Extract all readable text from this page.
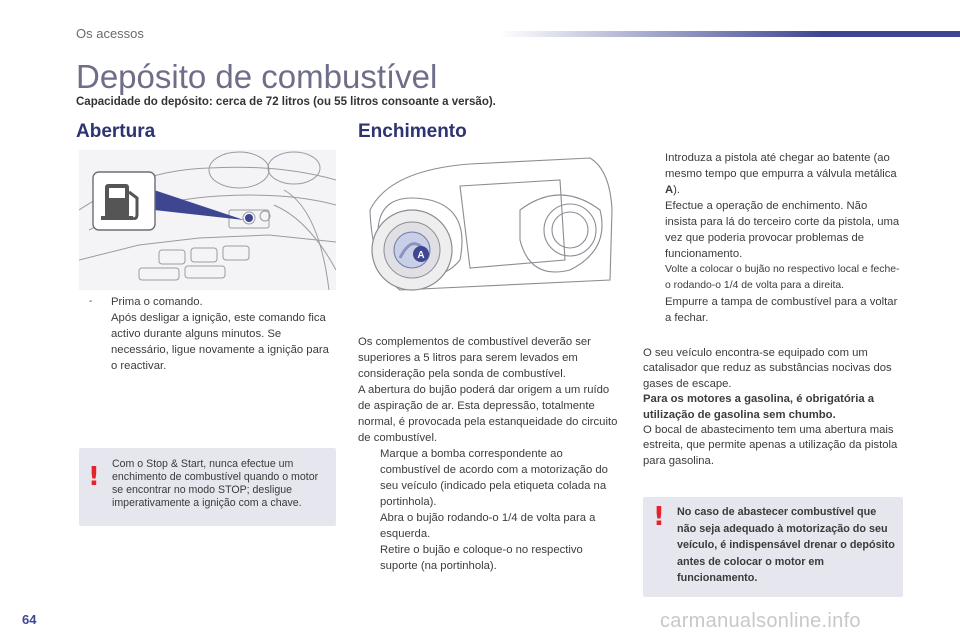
Os acessos
Depósito de combustível
Capacidade do depósito: cerca de 72 litros (ou 55 litros consoante a versão).
Abertura
-	Prima o comando.

Após desligar a ignição, este comando fica activo durante alguns minutos. Se necessário, ligue novamente a ignição para o reactivar.

! Com o Stop & Start, nunca efectue um enchimento de combustível quando o motor se encontrar no modo STOP; desligue imperativamente a ignição com a chave.
Enchimento
A

Os complementos de combustível deverão ser superiores a 5 litros para serem levados em consideração pela sonda de combustível.

A abertura do bujão poderá dar origem a um ruído de aspiração de ar. Esta depressão, totalmente normal, é provocada pela estanqueidade do circuito de combustível.

Marque a bomba correspondente ao combustível de acordo com a motorização do seu veículo (indicado pela etiqueta colada na portinhola).
Abra o bujão rodando-o 1/4 de volta para a esquerda.
Retire o bujão e coloque-o no respectivo suporte (na portinhola).
Introduza a pistola até chegar ao batente (ao mesmo tempo que empurra a válvula metálica A).
Efectue a operação de enchimento. Não insista para lá do terceiro corte da pistola, uma vez que poderia provocar problemas de funcionamento.
Volte a colocar o bujão no respectivo local e feche-o rodando-o 1/4 de volta para a direita.
Empurre a tampa de combustível para a voltar a fechar.

O seu veículo encontra-se equipado com um catalisador que reduz as substâncias nocivas dos gases de escape.

Para os motores a gasolina, é obrigatória a utilização de gasolina sem chumbo.

O bocal de abastecimento tem uma abertura mais estreita, que permite apenas a utilização da pistola para gasolina.

! No caso de abastecer combustível que não seja adequado à motorização do seu veículo, é indispensável drenar o depósito antes de colocar o motor em funcionamento.
64	carmanualsonline.info
